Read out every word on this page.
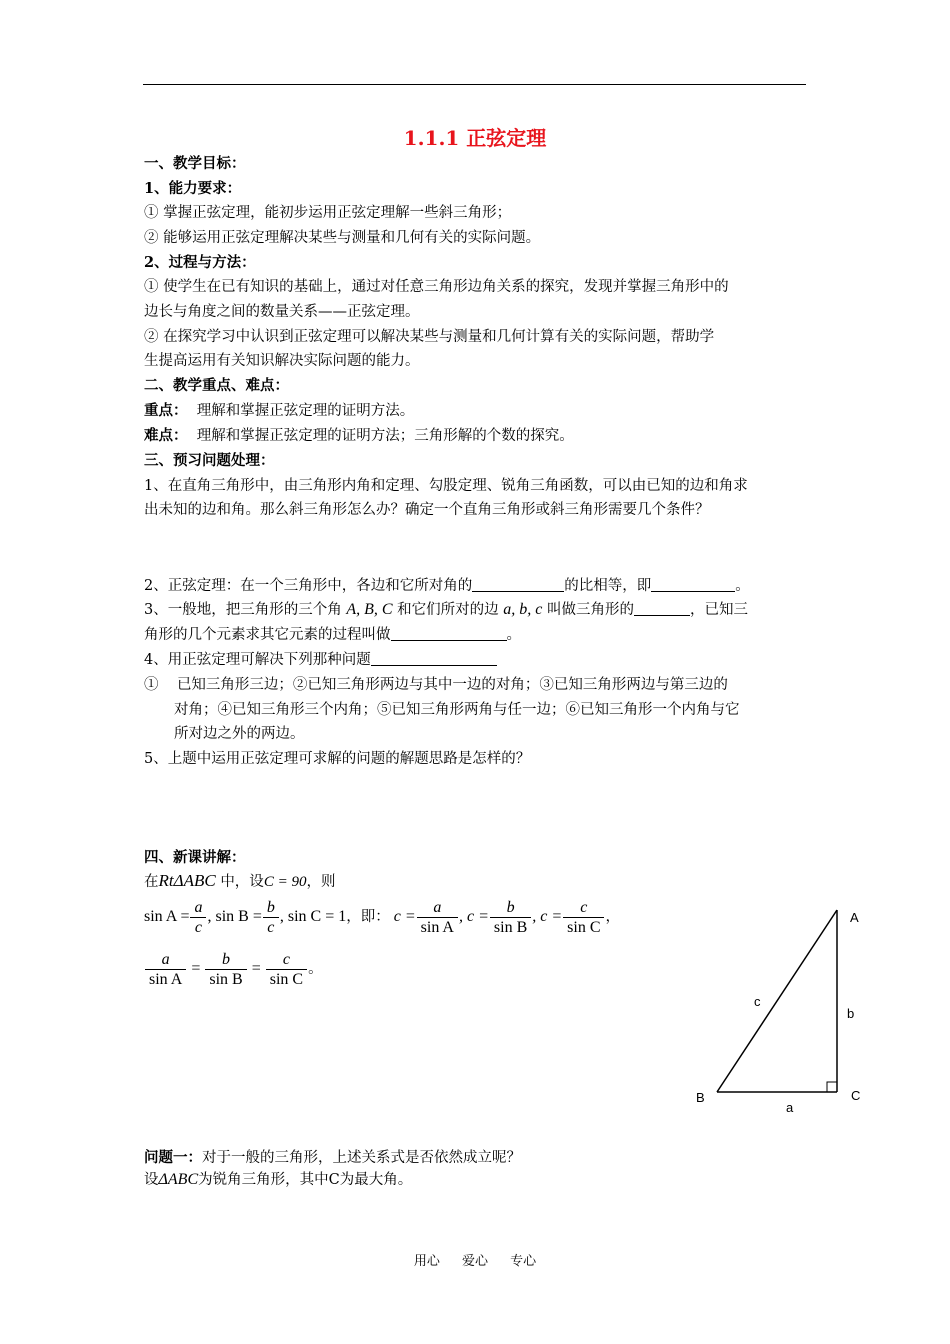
1.1.1 正弦定理
一、教学目标：
1、能力要求：
① 掌握正弦定理，能初步运用正弦定理解一些斜三角形；
② 能够运用正弦定理解决某些与测量和几何有关的实际问题。
2、过程与方法：
① 使学生在已有知识的基础上，通过对任意三角形边角关系的探究，发现并掌握三角形中的
边长与角度之间的数量关系——正弦定理。
② 在探究学习中认识到正弦定理可以解决某些与测量和几何计算有关的实际问题，帮助学
生提高运用有关知识解决实际问题的能力。
二、教学重点、难点：
重点： 理解和掌握正弦定理的证明方法。
难点： 理解和掌握正弦定理的证明方法；三角形解的个数的探究。
三、预习问题处理：
1、在直角三角形中，由三角形内角和定理、勾股定理、锐角三角函数，可以由已知的边和角求
出未知的边和角。那么斜三角形怎么办？确定一个直角三角形或斜三角形需要几个条件？
2、正弦定理：在一个三角形中，各边和它所对角的	的比相等，即	。
3、一般地，把三角形的三个角 A, B, C 和它们所对的边 a, b, c 叫做三角形的	，已知三
角形的几个元素求其它元素的过程叫做	。
4、用正弦定理可解决下列那种问题
① 已知三角形三边；②已知三角形两边与其中一边的对角；③已知三角形两边与第三边的
对角；④已知三角形三个内角；⑤已知三角形两角与任一边；⑥已知三角形一个内角与它
所对边之外的两边。
5、上题中运用正弦定理可求解的问题的解题思路是怎样的？
四、新课讲解：
在RtΔABC 中，设C = 90，则
$\sin A = \frac{a}{c}$ , $\sin B = \frac{b}{c}$ , sin C = 1，即： $c = \frac{a}{\text{sin A}}$ , $c = \frac{b}{\text{sin B}}$ , $c = \frac{c}{\text{sin C}}$ ，
$\frac{a}{\text{sin A}} = \frac{b}{\text{sin B}} = \frac{c}{\text{sin C}}$ 。
A
B	C
a
b
c
问题一：对于一般的三角形，上述关系式是否依然成立呢？
设ΔABC为锐角三角形，其中C为最大角。
用心 爱心 专心
